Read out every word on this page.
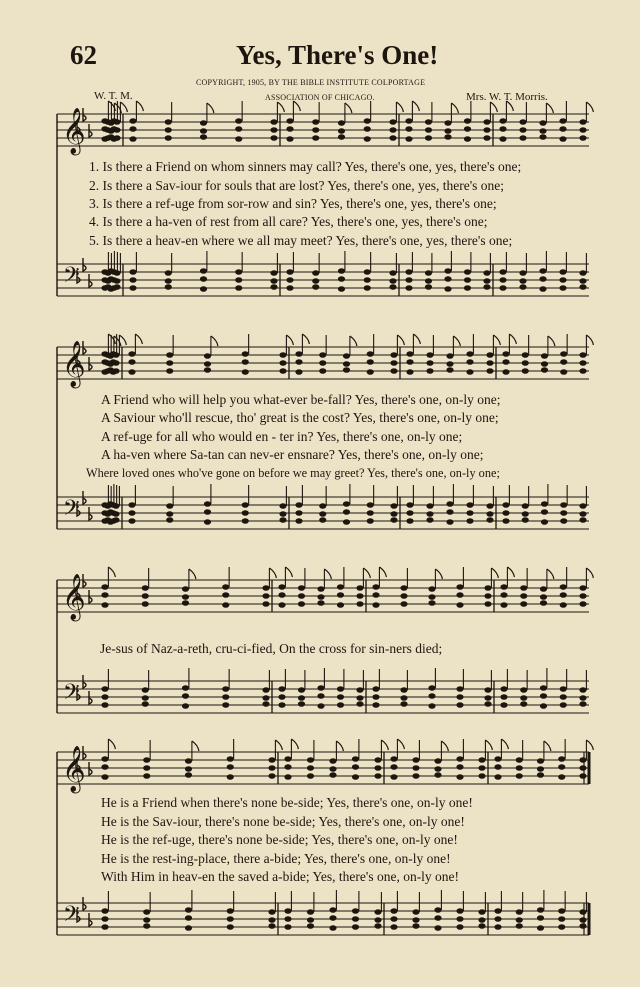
62	Yes, There's One!
COPYRIGHT, 1905, BY THE BIBLE INSTITUTE COLPORTAGE
ASSOCIATION OF CHICAGO.
W. T. M.	Mrs. W. T. Morris.
𝄞
𝄢
𝄞
𝄢
𝄞
𝄢
𝄞
𝄢
1. Is there a Friend on whom sinners may call? Yes, there's one, yes, there's one;
2. Is there a Sav-iour for souls that are lost? Yes, there's one, yes, there's one;
3. Is there a ref-uge from sor-row and sin? Yes, there's one, yes, there's one;
4. Is there a ha-ven of rest from all care? Yes, there's one, yes, there's one;
5. Is there a heav-en where we all may meet? Yes, there's one, yes, there's one;
A Friend who will help you what-ever be-fall? Yes, there's one, on-ly one;
A Saviour who'll rescue, tho' great is the cost? Yes, there's one, on-ly one;
A ref-uge for all who would en - ter in? Yes, there's one, on-ly one;
A ha-ven where Sa-tan can nev-er ensnare? Yes, there's one, on-ly one;
Where loved ones who've gone on before we may greet? Yes, there's one, on-ly one;
Je-sus of Naz-a-reth, cru-ci-fied, On the cross for sin-ners died;
He is a Friend when there's none be-side; Yes, there's one, on-ly one!
He is the Sav-iour, there's none be-side; Yes, there's one, on-ly one!
He is the ref-uge, there's none be-side; Yes, there's one, on-ly one!
He is the rest-ing-place, there a-bide; Yes, there's one, on-ly one!
With Him in heav-en the saved a-bide; Yes, there's one, on-ly one!
